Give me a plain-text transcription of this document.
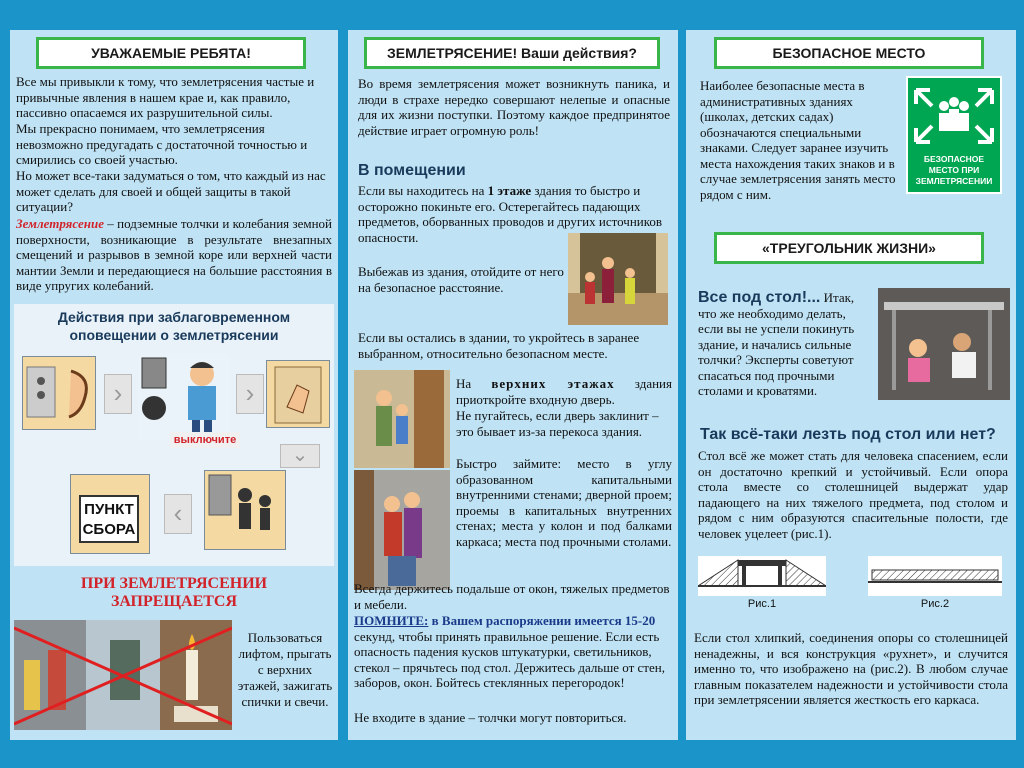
УВАЖАЕМЫЕ РЕБЯТА!

Все мы привыкли к тому, что землетрясения частые и привычные явления в нашем крае и, как правило, пассивно опасаемся их разрушительной силы.

Мы прекрасно понимаем, что землетрясения невозможно предугадать с достаточной точностью и смирились со своей участью.

Но может все-таки задуматься о том, что каждый из нас может сделать для своей и общей защиты в такой ситуации?

Землетрясение – подземные толчки и колебания земной поверхности, возникающие в результате внезапных смещений и разрывов в земной коре или верхней части мантии Земли и передающиеся на большие расстояния в виде упругих колебаний.

Действия при заблаговременном оповещении о землетрясении
›
выключите
›
⌄
‹
ПУНКТ
СБОРА
ПРИ ЗЕМЛЕТРЯСЕНИИ ЗАПРЕЩАЕТСЯ

Пользоваться лифтом, прыгать с верхних этажей, зажигать спички и свечи.

ЗЕМЛЕТРЯСЕНИЕ! Ваши действия?

Во время землетрясения может возникнуть паника, и люди в страхе нередко совершают нелепые и опасные для их жизни поступки. Поэтому каждое предпринятое действие играет огромную роль!

В помещении

Если вы находитесь на 1 этаже здания то быстро и осторожно покиньте его. Остерегайтесь падающих предметов, оборванных проводов и других источников опасности.

Выбежав из здания, отойдите от него на безопасное расстояние.

Если вы остались в здании, то укройтесь в заранее выбранном, относительно безопасном месте.

На верхних этажах здания приоткройте входную дверь.

Не пугайтесь, если дверь заклинит – это бывает из-за перекоса здания.

Быстро займите: место в углу образованном капитальными внутренними стенами; дверной проем; проемы в капитальных внутренних стенах; места у колон и под балками каркаса; места под прочными столами.

Всегда держитесь подальше от окон, тяжелых предметов и мебели.

ПОМНИТЕ: в Вашем распоряжении имеется 15-20 секунд, чтобы принять правильное решение. Если есть опасность падения кусков штукатурки, светильников, стекол – прячьтесь под стол. Держитесь дальше от стен, заборов, окон. Бойтесь стеклянных перегородок!

Не входите в здание – толчки могут повториться.

БЕЗОПАСНОЕ МЕСТО

Наиболее безопасные места в административных зданиях (школах, детских садах) обозначаются специальными знаками. Следует заранее изучить места нахождения таких знаков и в случае землетрясения занять место рядом с ним.

БЕЗОПАСНОЕ
МЕСТО ПРИ
ЗЕМЛЕТРЯСЕНИИ
«ТРЕУГОЛЬНИК ЖИЗНИ»

Все под стол!... Итак, что же необходимо делать, если вы не успели покинуть здание, и начались сильные толчки? Эксперты советуют спасаться под прочными столами и кроватями.

Так всё-таки лезть под стол или нет?

Стол всё же может стать для человека спасением, если он достаточно крепкий и устойчивый. Если опора стола вместе со столешницей выдержат удар падающего на них тяжелого предмета, под столом и рядом с ним образуются спасительные полости, где человек уцелеет (рис.1).

Рис.1	Рис.2

Если стол хлипкий, соединения опоры со столешницей ненадежны, и вся конструкция «рухнет», и случится именно то, что изображено на (рис.2). В любом случае главным показателем надежности и устойчивости стола при землетрясении является жесткость его каркаса.
